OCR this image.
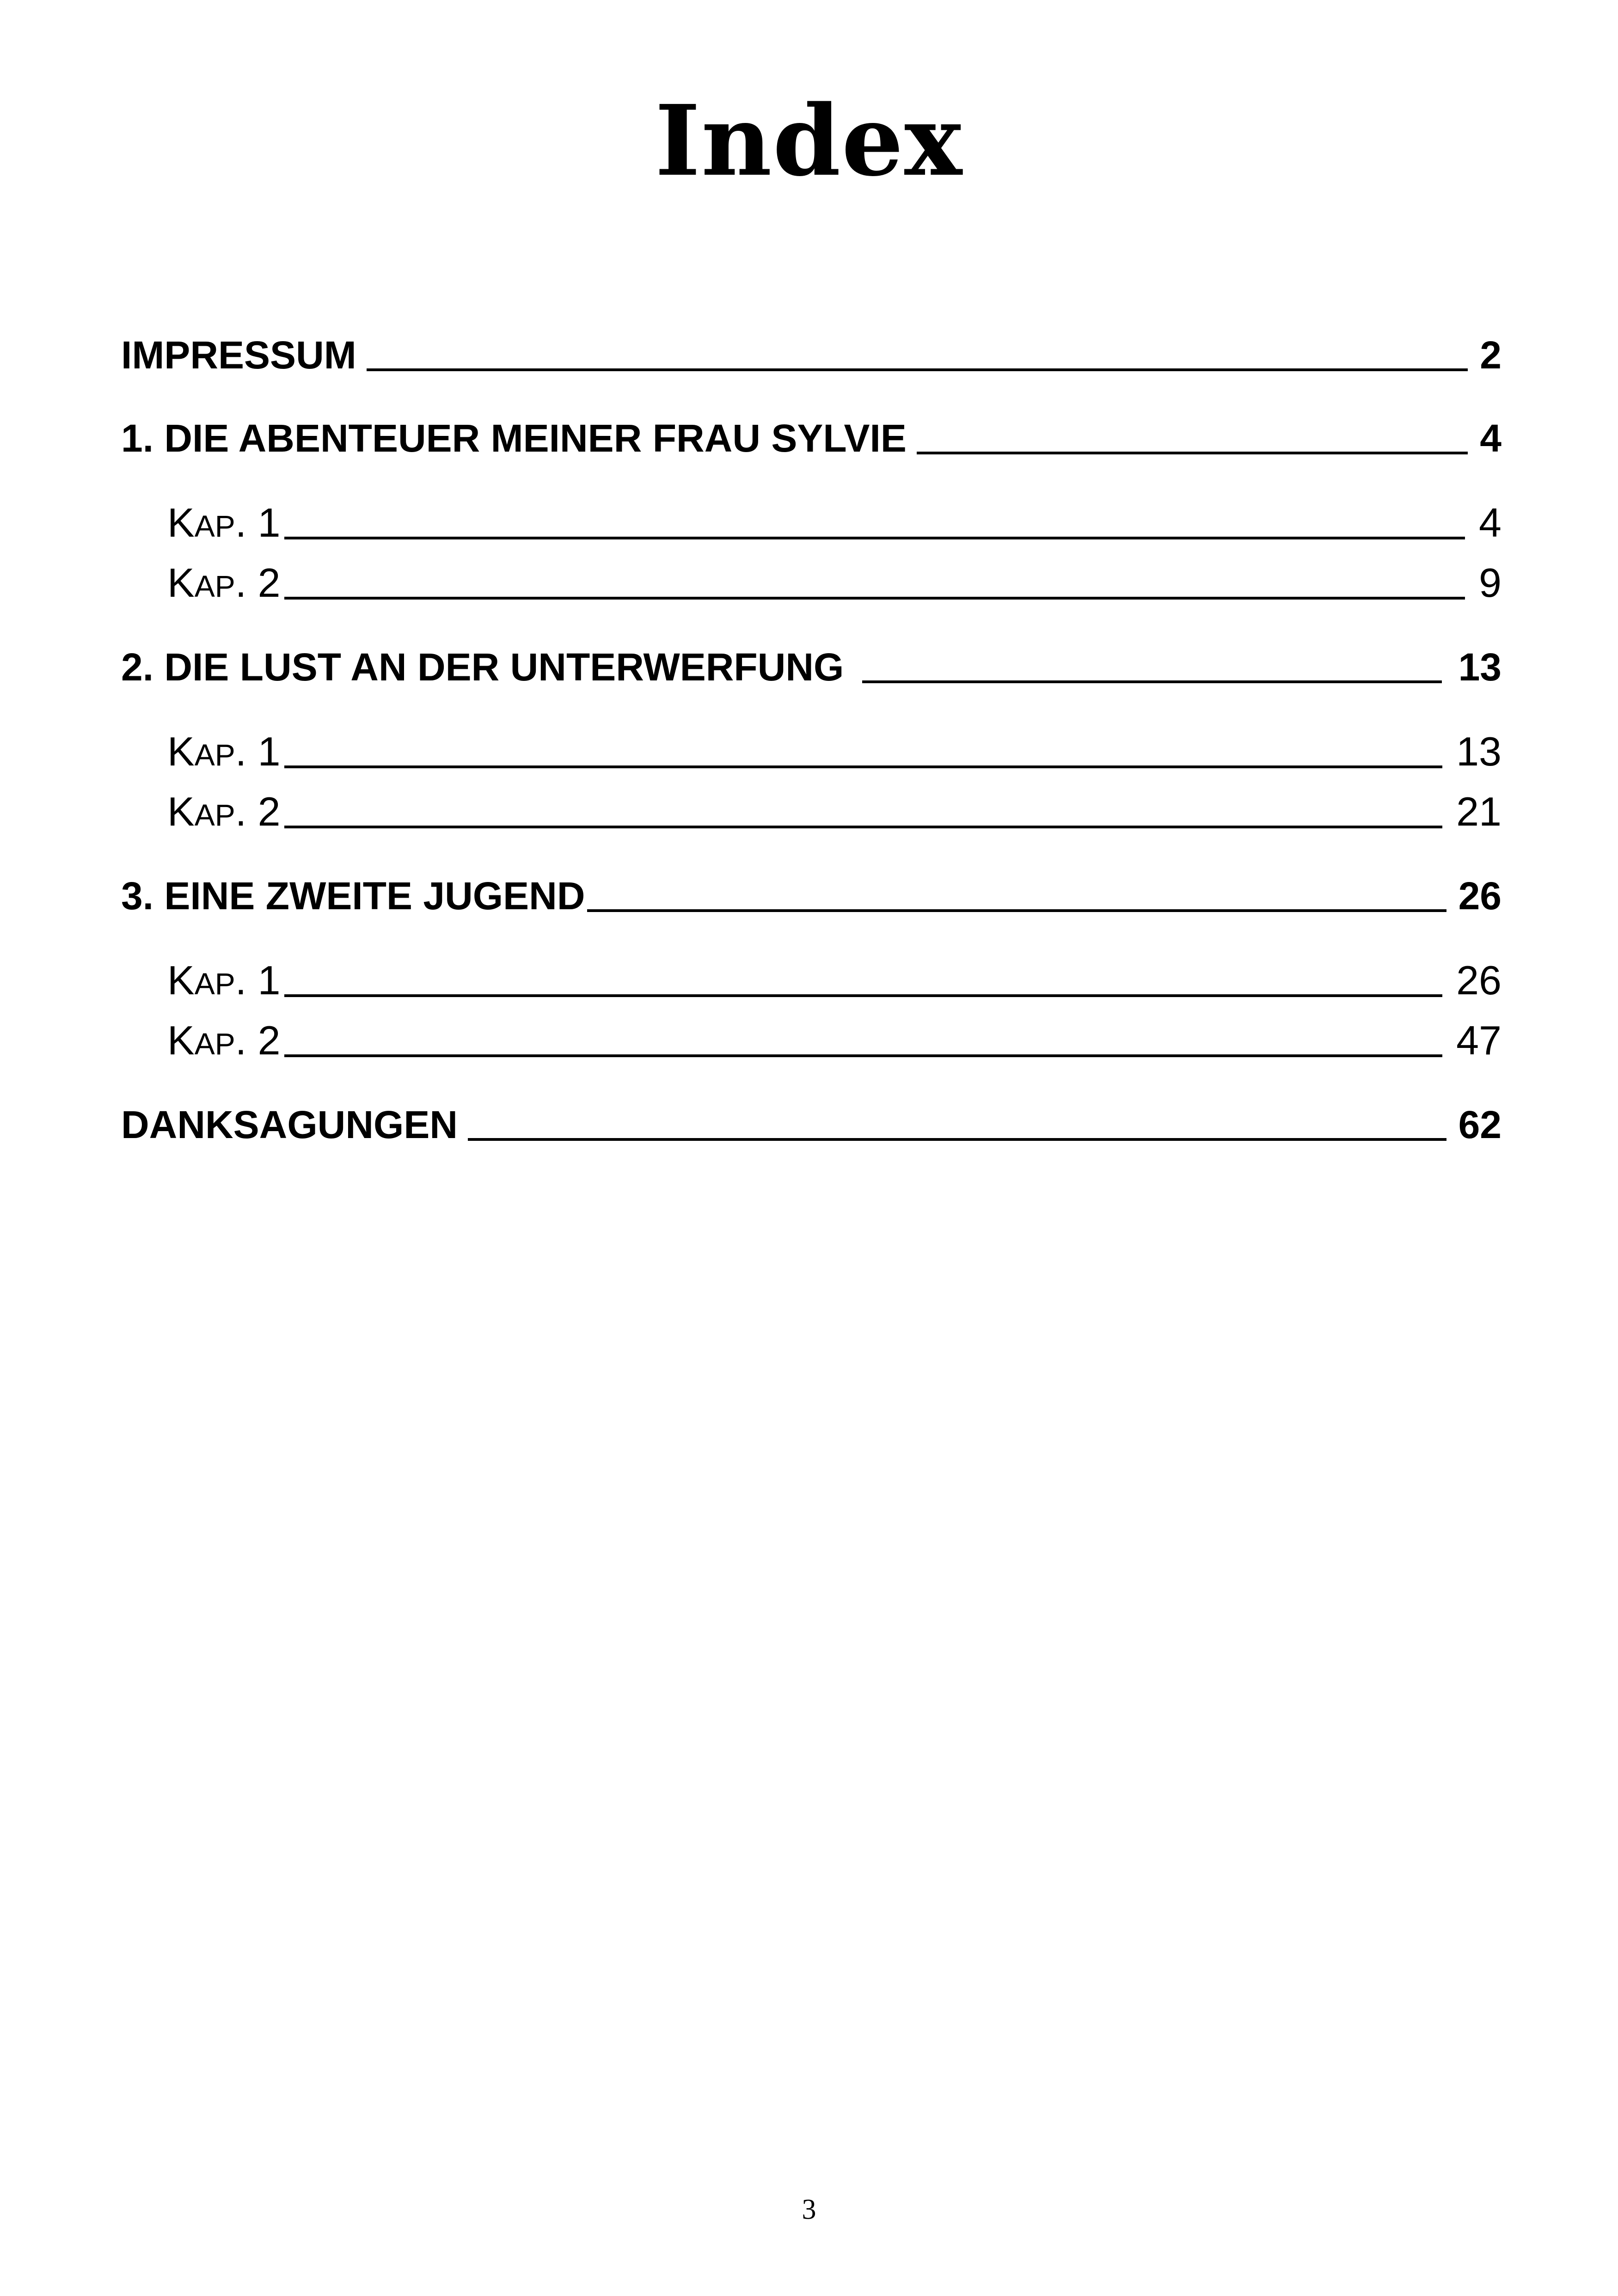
Index
IMPRESSUM	2
1. DIE ABENTEUER MEINER FRAU SYLVIE	4
KAP. 1	4
KAP. 2	9
2. DIE LUST AN DER UNTERWERFUNG	13
KAP. 1	13
KAP. 2	21
3. EINE ZWEITE JUGEND	26
KAP. 1	26
KAP. 2	47
DANKSAGUNGEN	62
3
